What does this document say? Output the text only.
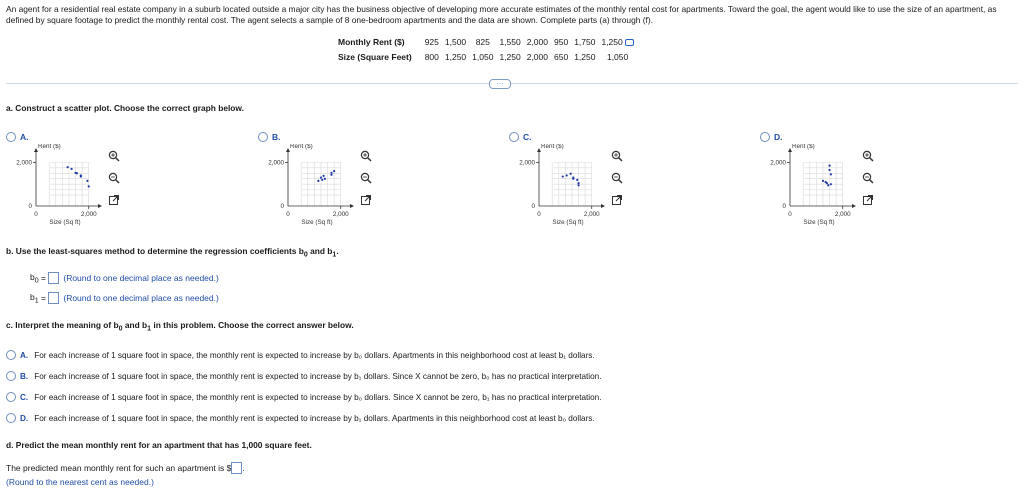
An agent for a residential real estate company in a suburb located outside a major city has the business objective of developing more accurate estimates of the monthly rental cost for apartments. Toward the goal, the agent would like to use the size of an apartment, as defined by square footage to predict the monthly rental cost. The agent selects a sample of 8 one-bedroom apartments and the data are shown. Complete parts (a) through (f).
Monthly Rent ($)	925	1,500	825	1,550	2,000	950	1,750	1,250
Size (Square Feet)	800	1,250	1,050	1,250	2,000	650	1,250	1,050
…
a. Construct a scatter plot. Choose the correct graph below.
A.
Rent ($)
2,000
0
0	2,000
Size (Sq ft)
B.
Rent ($)
2,000
0
0	2,000
Size (Sq ft)
C.
Rent ($)
2,000
0
0	2,000
Size (Sq ft)
D.
Rent ($)
2,000
0
0	2,000
Size (Sq ft)
b. Use the least-squares method to determine the regression coefficients $b_0$ and $b_1$.
$b_0$ = (Round to one decimal place as needed.)
$b_1$ = (Round to one decimal place as needed.)
c. Interpret the meaning of $b_0$ and $b_1$ in this problem. Choose the correct answer below.
A. For each increase of 1 square foot in space, the monthly rent is expected to increase by b₀ dollars. Apartments in this neighborhood cost at least b₁ dollars.
B. For each increase of 1 square foot in space, the monthly rent is expected to increase by b₁ dollars. Since X cannot be zero, b₀ has no practical interpretation.
C. For each increase of 1 square foot in space, the monthly rent is expected to increase by b₀ dollars. Since X cannot be zero, b₁ has no practical interpretation.
D. For each increase of 1 square foot in space, the monthly rent is expected to increase by b₁ dollars. Apartments in this neighborhood cost at least b₀ dollars.
d. Predict the mean monthly rent for an apartment that has 1,000 square feet.
The predicted mean monthly rent for such an apartment is $ .
(Round to the nearest cent as needed.)
